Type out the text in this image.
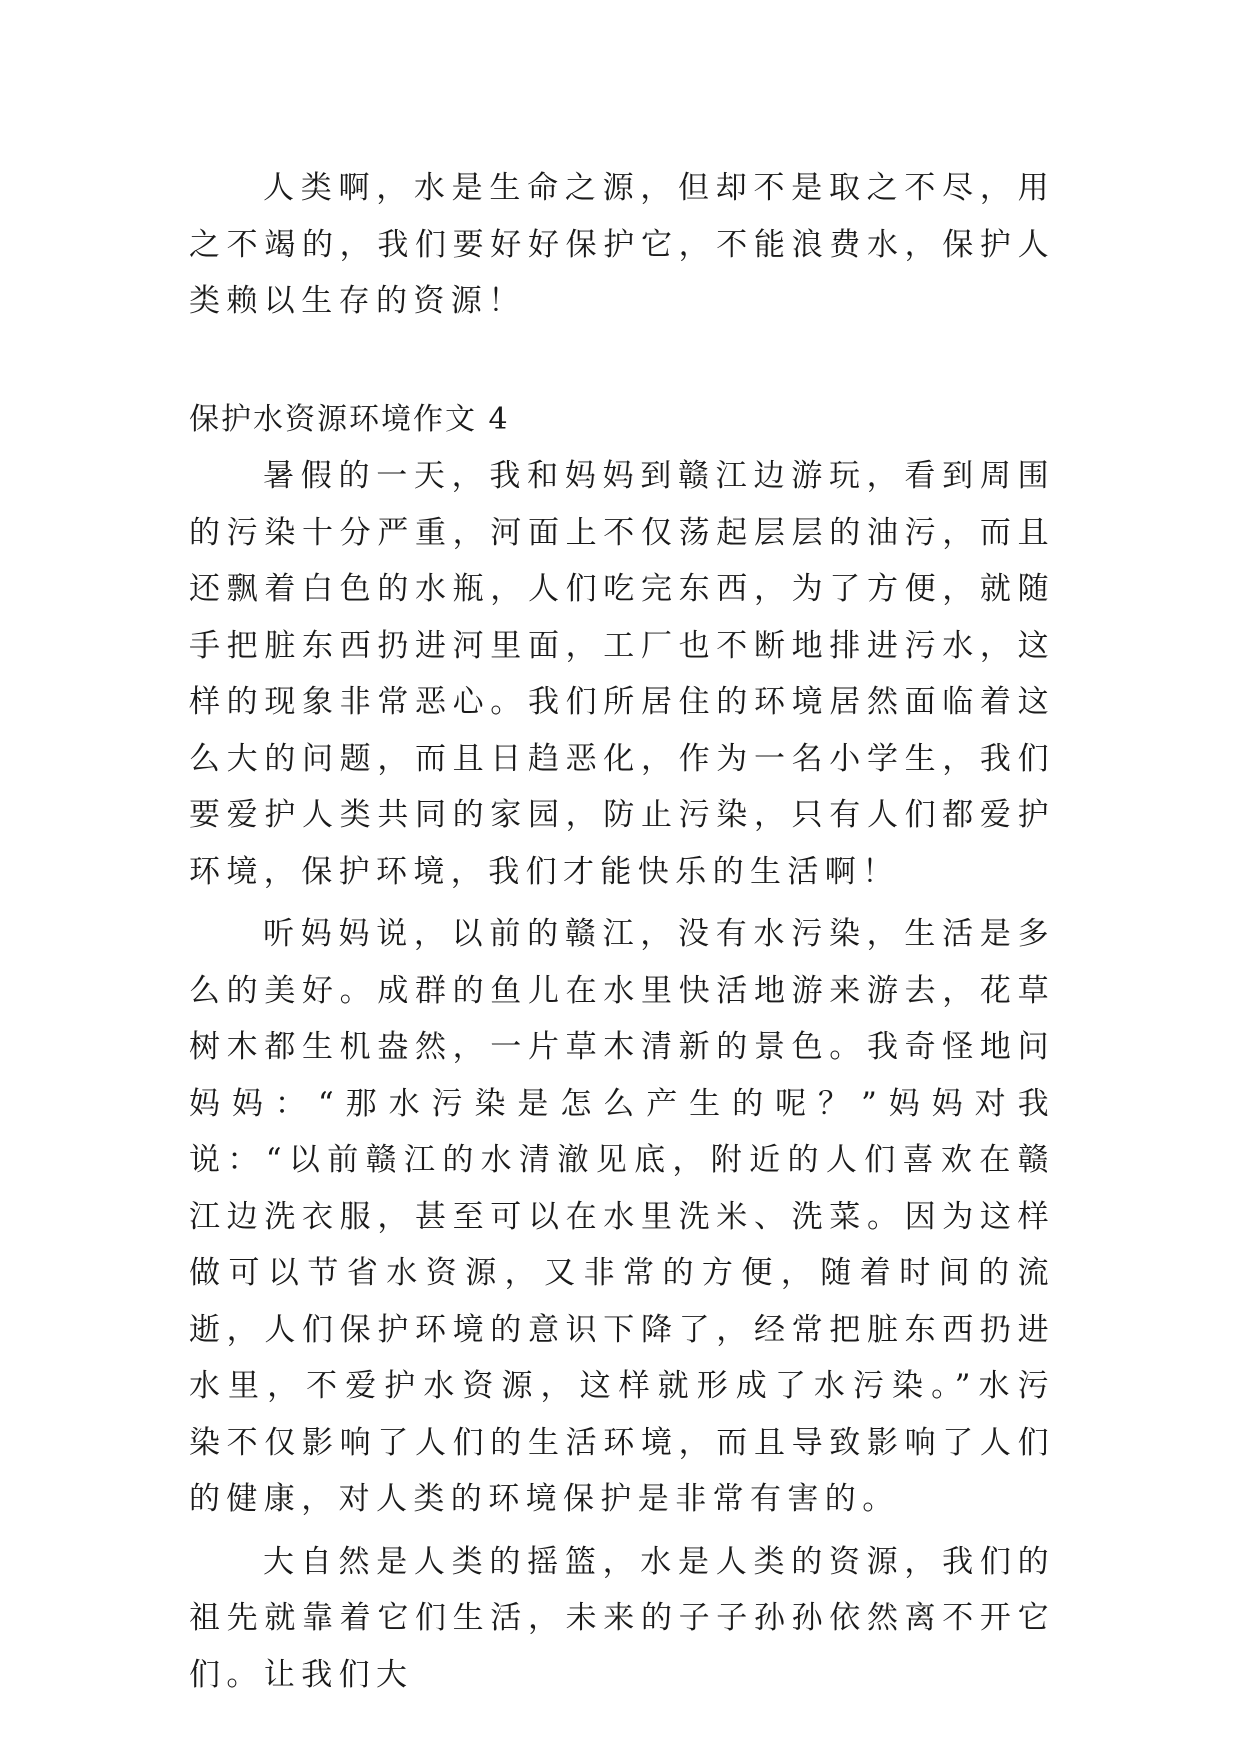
人类啊，水是生命之源，但却不是取之不尽，用之不竭的，我们要好好保护它，不能浪费水，保护人类赖以生存的资源！

保护水资源环境作文 4

暑假的一天，我和妈妈到赣江边游玩，看到周围的污染十分严重，河面上不仅荡起层层的油污，而且还飘着白色的水瓶，人们吃完东西，为了方便，就随手把脏东西扔进河里面，工厂也不断地排进污水，这样的现象非常恶心。我们所居住的环境居然面临着这么大的问题，而且日趋恶化，作为一名小学生，我们要爱护人类共同的家园，防止污染，只有人们都爱护环境，保护环境，我们才能快乐的生活啊！

听妈妈说，以前的赣江，没有水污染，生活是多么的美好。成群的鱼儿在水里快活地游来游去，花草树木都生机盎然，一片草木清新的景色。我奇怪地问妈妈：“那水污染是怎么产生的呢？”妈妈对我说：“以前赣江的水清澈见底，附近的人们喜欢在赣江边洗衣服，甚至可以在水里洗米、洗菜。因为这样做可以节省水资源，又非常的方便，随着时间的流逝，人们保护环境的意识下降了，经常把脏东西扔进水里，不爱护水资源，这样就形成了水污染。”水污染不仅影响了人们的生活环境，而且导致影响了人们的健康，对人类的环境保护是非常有害的。

大自然是人类的摇篮，水是人类的资源，我们的祖先就靠着它们生活，未来的子子孙孙依然离不开它们。让我们大
